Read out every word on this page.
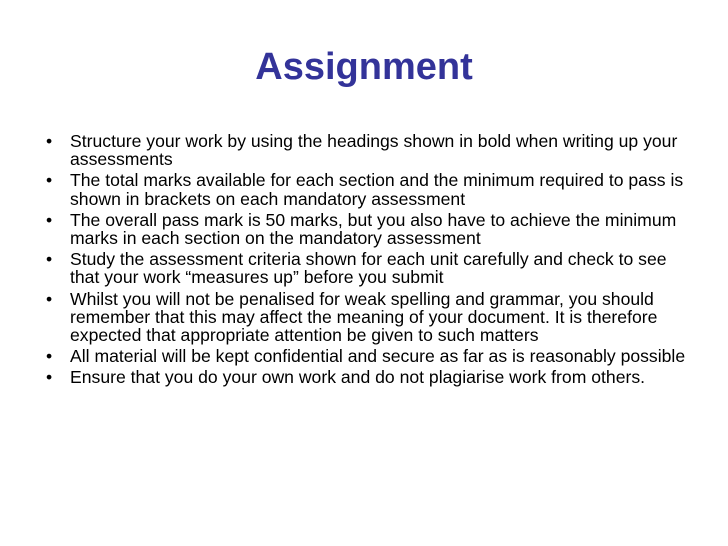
Assignment
•	Structure your work by using the headings shown in bold when writing up your assessments
•	The total marks available for each section and the minimum required to pass is shown in brackets on each mandatory assessment
•	The overall pass mark is 50 marks, but you also have to achieve the minimum marks in each section on the mandatory assessment
•	Study the assessment criteria shown for each unit carefully and check to see that your work “measures up” before you submit
•	Whilst you will not be penalised for weak spelling and grammar, you should remember that this may affect the meaning of your document. It is therefore expected that appropriate attention be given to such matters
•	All material will be kept confidential and secure as far as is reasonably possible
•	Ensure that you do your own work and do not plagiarise work from others.
